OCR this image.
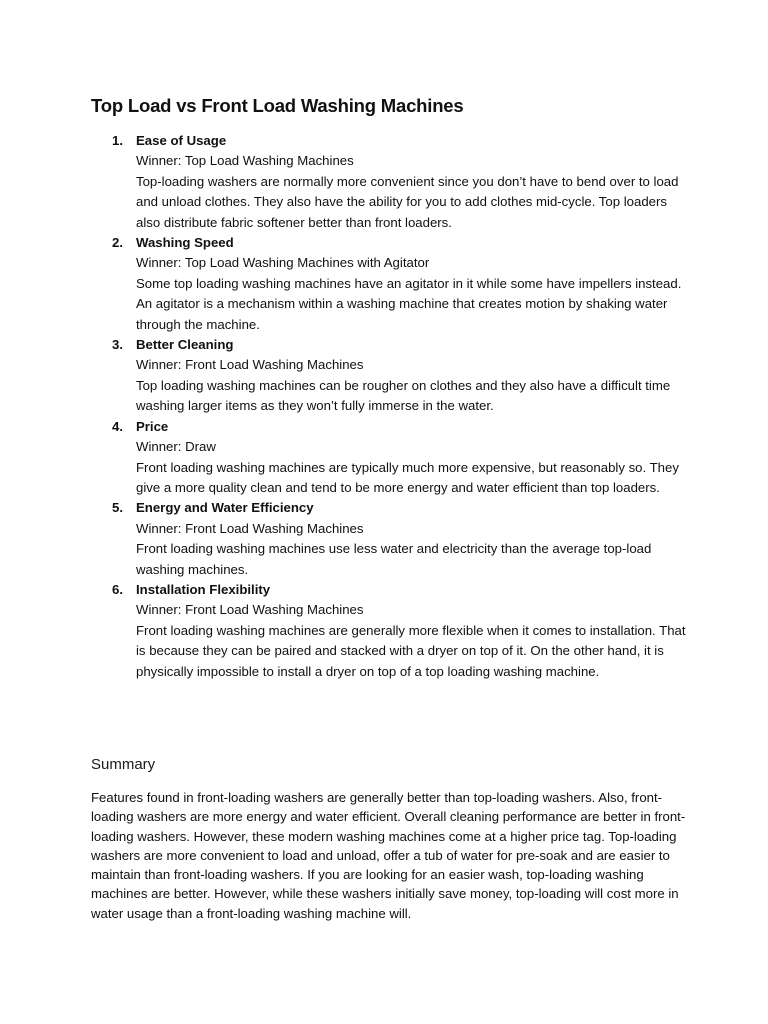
Top Load vs Front Load Washing Machines
1. Ease of Usage
Winner: Top Load Washing Machines
Top-loading washers are normally more convenient since you don’t have to bend over to load and unload clothes. They also have the ability for you to add clothes mid-cycle. Top loaders also distribute fabric softener better than front loaders.
2. Washing Speed
Winner: Top Load Washing Machines with Agitator
Some top loading washing machines have an agitator in it while some have impellers instead. An agitator is a mechanism within a washing machine that creates motion by shaking water through the machine.
3. Better Cleaning
Winner: Front Load Washing Machines
Top loading washing machines can be rougher on clothes and they also have a difficult time washing larger items as they won’t fully immerse in the water.
4. Price
Winner: Draw
Front loading washing machines are typically much more expensive, but reasonably so. They give a more quality clean and tend to be more energy and water efficient than top loaders.
5. Energy and Water Efficiency
Winner: Front Load Washing Machines
Front loading washing machines use less water and electricity than the average top-load washing machines.
6. Installation Flexibility
Winner: Front Load Washing Machines
Front loading washing machines are generally more flexible when it comes to installation. That is because they can be paired and stacked with a dryer on top of it. On the other hand, it is physically impossible to install a dryer on top of a top loading washing machine.
Summary

Features found in front-loading washers are generally better than top-loading washers. Also, front-loading washers are more energy and water efficient. Overall cleaning performance are better in front-loading washers. However, these modern washing machines come at a higher price tag. Top-loading washers are more convenient to load and unload, offer a tub of water for pre-soak and are easier to maintain than front-loading washers. If you are looking for an easier wash, top-loading washing machines are better. However, while these washers initially save money, top-loading will cost more in water usage than a front-loading washing machine will.
